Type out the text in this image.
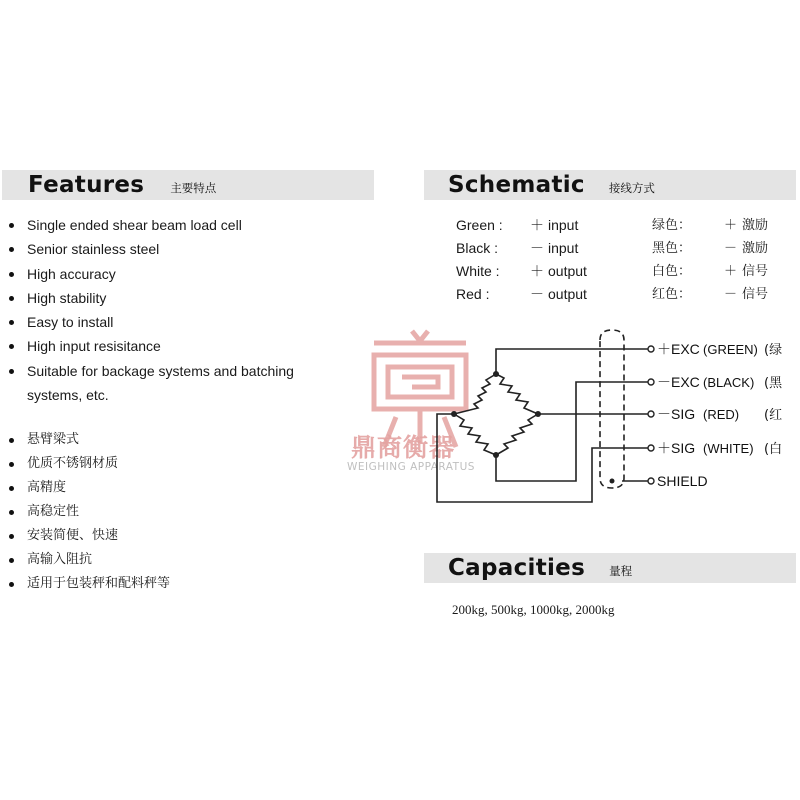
Features 主要特点	Schematic 接线方式
Single ended shear beam load cell
Senior stainless steel
High accuracy
High stability
Easy to install
High input resisitance
Suitable for backage systems and batching
systems, etc.
悬臂梁式
优质不锈钢材质
高精度
高稳定性
安装简便、快速
高输入阻抗
适用于包装秤和配料秤等
Green : ＋ input	绿色：	＋ 激励
Black : － input	黑色：	－ 激励
White : ＋ output	白色：	＋ 信号
Red :	－ output	红色：	－ 信号
鼎商衡器
WEIGHING APPARATUS
＋EXC (GREEN) (绿
－EXC (BLACK) (黑
－SIG (RED) (红
＋SIG (WHITE) (白
SHIELD
Capacities 量程
200kg, 500kg, 1000kg, 2000kg
